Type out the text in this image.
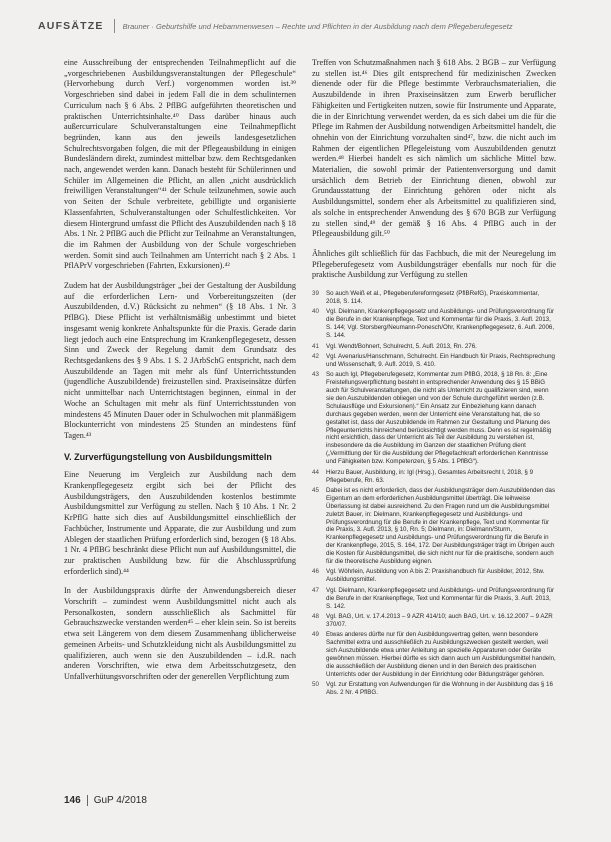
AUFSÄTZE	Brauner · Geburtshilfe und Hebammenwesen – Rechte und Pflichten in der Ausbildung nach dem Pflegeberufegesetz

eine Ausschreibung der entsprechenden Teilnahmepflicht auf die „vorgeschriebenen Ausbildungsveranstaltungen der Pflegeschule“ (Hervorhebung durch Verf.) vorgenommen worden ist.³⁹ Vorgeschrieben sind dabei in jedem Fall die in dem schulinternen Curriculum nach § 6 Abs. 2 PflBG aufgeführten theoretischen und praktischen Unterrichtsinhalte.⁴⁰ Dass darüber hinaus auch außercurriculare Schulveranstaltungen eine Teilnahmepflicht begründen, kann aus den jeweils landesgesetzlichen Schulrechtsvorgaben folgen, die mit der Pflegeausbildung in einigen Bundesländern direkt, zumindest mittelbar bzw. dem Rechtsgedanken nach, angewendet werden kann. Danach besteht für Schülerinnen und Schüler im Allgemeinen die Pflicht, an allen „nicht ausdrücklich freiwilligen Veranstaltungen“⁴¹ der Schule teilzunehmen, sowie auch von Seiten der Schule verbreitete, gebilligte und organisierte Klassenfahrten, Schulveranstaltungen oder Schulfestlichkeiten. Vor diesem Hintergrund umfasst die Pflicht des Auszubildenden nach § 18 Abs. 1 Nr. 2 PflBG auch die Pflicht zur Teilnahme an Veranstaltungen, die im Rahmen der Ausbildung von der Schule vorgeschrieben werden. Somit sind auch Teilnahmen am Unterricht nach § 2 Abs. 1 PflAPrV vorgeschrieben (Fahrten, Exkursionen).⁴²

Zudem hat der Ausbildungsträger „bei der Gestaltung der Ausbildung auf die erforderlichen Lern- und Vorbereitungszeiten (der Auszubildenden, d.V.) Rücksicht zu nehmen“ (§ 18 Abs. 1 Nr. 3 PflBG). Diese Pflicht ist verhältnismäßig unbestimmt und bietet insgesamt wenig konkrete Anhaltspunkte für die Praxis. Gerade darin liegt jedoch auch eine Entsprechung im Krankenpflegegesetz, dessen Sinn und Zweck der Regelung damit dem Grundsatz des Rechtsgedankens des § 9 Abs. 1 S. 2 JArbSchG entspricht, nach dem Auszubildende an Tagen mit mehr als fünf Unterrichtsstunden (jugendliche Auszubildende) freizustellen sind. Praxiseinsätze dürfen nicht unmittelbar nach Unterrichtstagen beginnen, einmal in der Woche an Schultagen mit mehr als fünf Unterrichtsstunden von mindestens 45 Minuten Dauer oder in Schulwochen mit planmäßigem Blockunterricht von mindestens 25 Stunden an mindestens fünf Tagen.⁴³

V. Zurverfügungstellung von Ausbildungsmitteln

Eine Neuerung im Vergleich zur Ausbildung nach dem Krankenpflegegesetz ergibt sich bei der Pflicht des Ausbildungsträgers, den Auszubildenden kostenlos bestimmte Ausbildungsmittel zur Verfügung zu stellen. Nach § 10 Abs. 1 Nr. 2 KrPflG hatte sich dies auf Ausbildungsmittel einschließlich der Fachbücher, Instrumente und Apparate, die zur Ausbildung und zum Ablegen der staatlichen Prüfung erforderlich sind, bezogen (§ 18 Abs. 1 Nr. 4 PflBG beschränkt diese Pflicht nun auf Ausbildungsmittel, die zur praktischen Ausbildung bzw. für die Abschlussprüfung erforderlich sind).⁴⁴

In der Ausbildungspraxis dürfte der Anwendungsbereich dieser Vorschrift – zumindest wenn Ausbildungsmittel nicht auch als Personalkosten, sondern ausschließlich als Sachmittel für Gebrauchszwecke verstanden werden⁴⁵ – eher klein sein. So ist bereits etwa seit Längerem von dem diesem Zusammenhang üblicherweise gemeinen Arbeits- und Schutzkleidung nicht als Ausbildungsmittel zu qualifizieren, auch wenn sie den Auszubildenden – i.d.R. nach anderen Vorschriften, wie etwa dem Arbeitsschutzgesetz, den Unfallverhütungsvorschriften oder der generellen Verpflichtung zum

Treffen von Schutzmaßnahmen nach § 618 Abs. 2 BGB – zur Verfügung zu stellen ist.⁴⁶ Dies gilt entsprechend für medizinischen Zwecken dienende oder für die Pflege bestimmte Verbrauchsmaterialien, die Auszubildende in ihren Praxiseinsätzen zum Erwerb beruflicher Fähigkeiten und Fertigkeiten nutzen, sowie für Instrumente und Apparate, die in der Einrichtung verwendet werden, da es sich dabei um die für die Pflege im Rahmen der Ausbildung notwendigen Arbeitsmittel handelt, die ohnehin von der Einrichtung vorzuhalten sind⁴⁷, bzw. die nicht auch im Rahmen der eigentlichen Pflegeleistung vom Auszubildenden genutzt werden.⁴⁸ Hierbei handelt es sich nämlich um sächliche Mittel bzw. Materialien, die sowohl primär der Patientenversorgung und damit ursächlich dem Betrieb der Einrichtung dienen, obwohl zur Grundausstattung der Einrichtung gehören oder nicht als Ausbildungsmittel, sondern eher als Arbeitsmittel zu qualifizieren sind, als solche in entsprechender Anwendung des § 670 BGB zur Verfügung zu stellen sind,⁴⁹ der gemäß § 16 Abs. 4 PflBG auch in der Pflegeausbildung gilt.⁵⁰

Ähnliches gilt schließlich für das Fachbuch, die mit der Neuregelung im Pflegeberufegesetz vom Ausbildungsträger ebenfalls nur noch für die praktische Ausbildung zur Verfügung zu stellen

39	So auch Weiß et al., Pflegeberufereformgesetz (PflBRefG), Praxiskommentar, 2018, S. 114.
40	Vgl. Dielmann, Krankenpflegegesetz und Ausbildungs- und Prüfungsverordnung für die Berufe in der Krankenpflege, Text und Kommentar für die Praxis, 3. Aufl. 2013, S. 144; Vgl. Storsberg/Neumann-Ponesch/Ohr, Krankenpflegegesetz, 6. Aufl. 2006, S. 144.
41	Vgl. Wendt/Bohnert, Schulrecht, 5. Aufl. 2013, Rn. 276.
42	Vgl. Avenarius/Hanschmann, Schulrecht. Ein Handbuch für Praxis, Rechtsprechung und Wissenschaft, 9. Aufl. 2019, S. 410.
43	So auch Igl, Pflegeberufegesetz, Kommentar zum PflBG, 2018, § 18 Rn. 8: „Eine Freistellungsverpflichtung besteht in entsprechender Anwendung des § 15 BBiG auch für Schulveranstaltungen, die nicht als Unterricht zu qualifizieren sind, wenn sie den Auszubildenden obliegen und von der Schule durchgeführt werden (z.B. Schulausflüge und Exkursionen).“ Ein Ansatz zur Einbeziehung kann danach durchaus gegeben werden, wenn der Unterricht eine Veranstaltung hat, die so gestaltet ist, dass der Auszubildende im Rahmen zur Gestaltung und Planung des Pflegeunterrichts hinreichend berücksichtigt werden muss. Denn es ist regelmäßig nicht ersichtlich, dass der Unterricht als Teil der Ausbildung zu verstehen ist, insbesondere da die Ausbildung im Ganzen der staatlichen Prüfung dient („Vermittlung der für die Ausbildung der Pflegefachkraft erforderlichen Kenntnisse und Fähigkeiten bzw. Kompetenzen, § 5 Abs. 1 PflBG“).
44	Hierzu Bauer, Ausbildung, in: Igl (Hrsg.), Gesamtes Arbeitsrecht I, 2018, § 9 Pflegeberufe, Rn. 63.
45	Dabei ist es nicht erforderlich, dass der Ausbildungsträger dem Auszubildenden das Eigentum an dem erforderlichen Ausbildungsmittel überträgt. Die leihweise Überlassung ist dabei ausreichend. Zu den Fragen rund um die Ausbildungsmittel zuletzt Bauer, in: Dielmann, Krankenpflegegesetz und Ausbildungs- und Prüfungsverordnung für die Berufe in der Krankenpflege, Text und Kommentar für die Praxis, 3. Aufl. 2013, § 10, Rn. 5; Dielmann, in: Dielmann/Sturm, Krankenpflegegesetz und Ausbildungs- und Prüfungsverordnung für die Berufe in der Krankenpflege, 2015, S. 164, 172. Der Ausbildungsträger trägt im Übrigen auch die Kosten für Ausbildungsmittel, die sich nicht nur für die praktische, sondern auch für die theoretische Ausbildung eignen.
46	Vgl. Wöhrlein, Ausbildung von A bis Z: Praxishandbuch für Ausbilder, 2012, Stw. Ausbildungsmittel.
47	Vgl. Dielmann, Krankenpflegegesetz und Ausbildungs- und Prüfungsverordnung für die Berufe in der Krankenpflege, Text und Kommentar für die Praxis, 3. Aufl. 2013, S. 142.
48	Vgl. BAG, Urt. v. 17.4.2013 – 9 AZR 414/10; auch BAG, Urt. v. 16.12.2007 – 9 AZR 370/07.
49	Etwas anderes dürfte nur für den Ausbildungsvertrag gelten, wenn besondere Sachmittel extra und ausschließlich zu Ausbildungszwecken gestellt werden, weil sich Auszubildende etwa unter Anleitung an spezielle Apparaturen oder Geräte gewöhnen müssen. Hierbei dürfte es sich dann auch um Ausbildungsmittel handeln, die ausschließlich der Ausbildung dienen und in den Bereich des praktischen Unterrichts oder der Ausbildung in der Einrichtung oder Bildungsträger gehören.
50	Vgl. zur Erstattung von Aufwendungen für die Wohnung in der Ausbildung das § 16 Abs. 2 Nr. 4 PflBG.
146 GuP 4/2018
